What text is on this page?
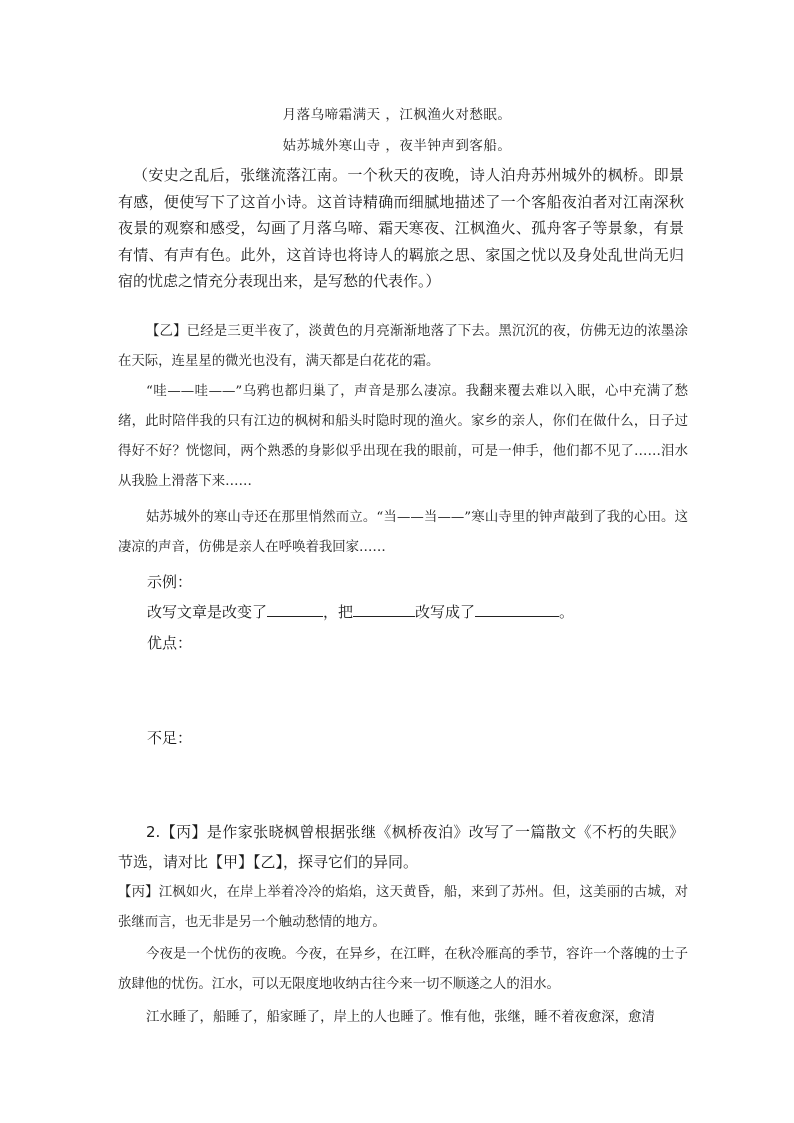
月落乌啼霜满天 ，江枫渔火对愁眠。
姑苏城外寒山寺 ，夜半钟声到客船。
（安史之乱后，张继流落江南。一个秋天的夜晚，诗人泊舟苏州城外的枫桥。即景有感，便使写下了这首小诗。这首诗精确而细腻地描述了一个客船夜泊者对江南深秋夜景的观察和感受，勾画了月落乌啼、霜天寒夜、江枫渔火、孤舟客子等景象，有景有情、有声有色。此外，这首诗也将诗人的羁旅之思、家国之忧以及身处乱世尚无归宿的忧虑之情充分表现出来，是写愁的代表作。）
【乙】已经是三更半夜了，淡黄色的月亮渐渐地落了下去。黑沉沉的夜，仿佛无边的浓墨涂在天际，连星星的微光也没有，满天都是白花花的霜。
“哇——哇——”乌鸦也都归巢了，声音是那么凄凉。我翻来覆去难以入眠，心中充满了愁绪，此时陪伴我的只有江边的枫树和船头时隐时现的渔火。家乡的亲人，你们在做什么，日子过得好不好？恍惚间，两个熟悉的身影似乎出现在我的眼前，可是一伸手，他们都不见了……泪水从我脸上滑落下来……
姑苏城外的寒山寺还在那里悄然而立。“当——当——”寒山寺里的钟声敲到了我的心田。这凄凉的声音，仿佛是亲人在呼唤着我回家……
示例：
改写文章是改变了	，把	改写成了	。
优点：
不足：
2.【丙】是作家张晓枫曾根据张继《枫桥夜泊》改写了一篇散文《不朽的失眠》节选，请对比【甲】【乙】，探寻它们的异同。
【丙】江枫如火，在岸上举着冷冷的焰焰，这天黄昏，船，来到了苏州。但，这美丽的古城，对张继而言，也无非是另一个触动愁情的地方。
今夜是一个忧伤的夜晚。今夜，在异乡，在江畔，在秋冷雁高的季节，容许一个落魄的士子放肆他的忧伤。江水，可以无限度地收纳古往今来一切不顺遂之人的泪水。
江水睡了，船睡了，船家睡了，岸上的人也睡了。惟有他，张继，睡不着夜愈深，愈清
